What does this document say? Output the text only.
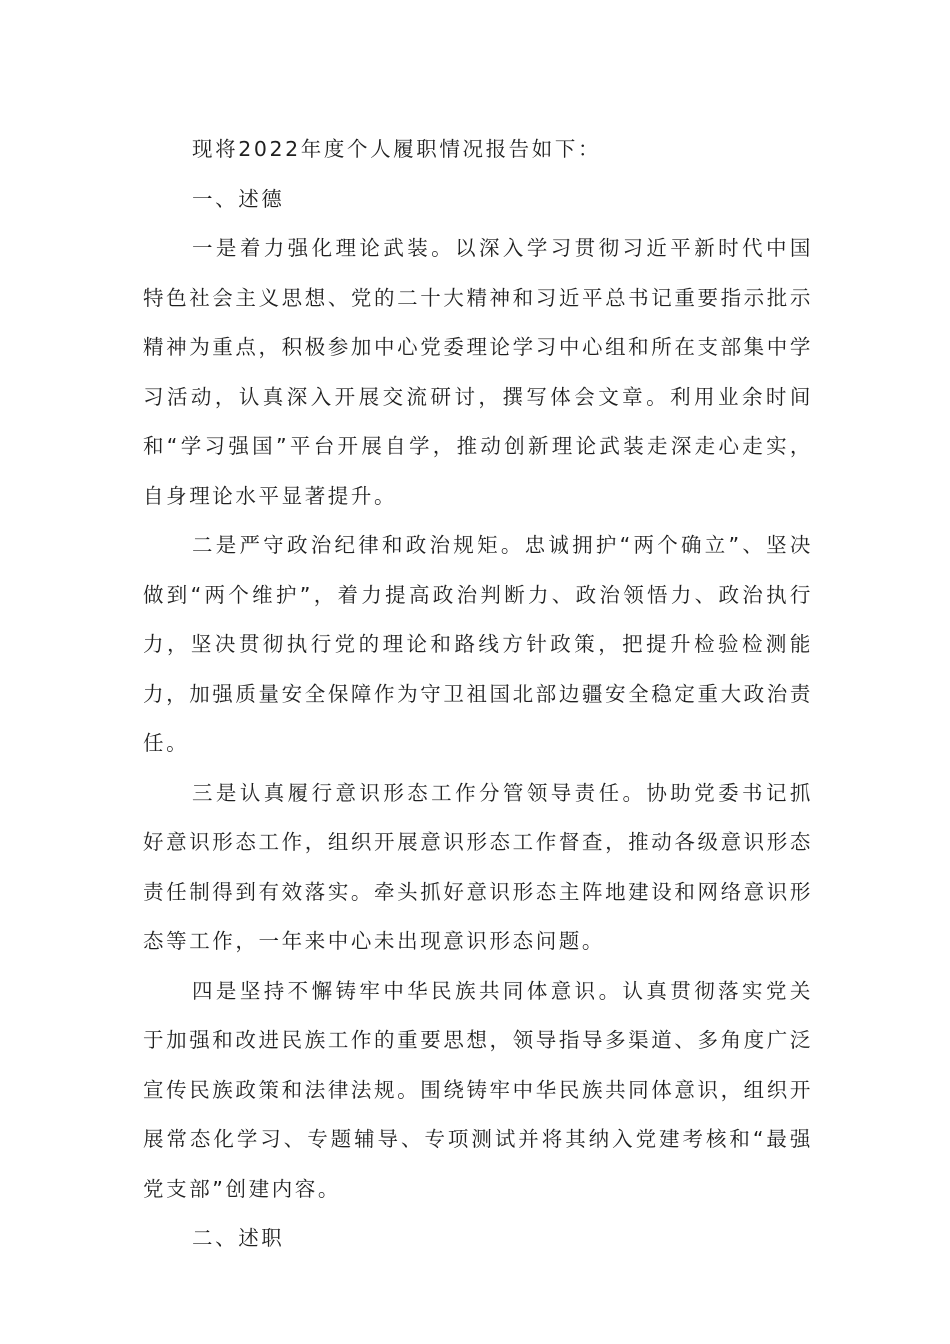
现将2022年度个人履职情况报告如下：

一、述德

一是着力强化理论武装。以深入学习贯彻习近平新时代中国特色社会主义思想、党的二十大精神和习近平总书记重要指示批示精神为重点，积极参加中心党委理论学习中心组和所在支部集中学习活动，认真深入开展交流研讨，撰写体会文章。利用业余时间和“学习强国”平台开展自学，推动创新理论武装走深走心走实，自身理论水平显著提升。

二是严守政治纪律和政治规矩。忠诚拥护“两个确立”、坚决做到“两个维护”，着力提高政治判断力、政治领悟力、政治执行力，坚决贯彻执行党的理论和路线方针政策，把提升检验检测能力，加强质量安全保障作为守卫祖国北部边疆安全稳定重大政治责任。

三是认真履行意识形态工作分管领导责任。协助党委书记抓好意识形态工作，组织开展意识形态工作督查，推动各级意识形态责任制得到有效落实。牵头抓好意识形态主阵地建设和网络意识形态等工作，一年来中心未出现意识形态问题。

四是坚持不懈铸牢中华民族共同体意识。认真贯彻落实党关于加强和改进民族工作的重要思想，领导指导多渠道、多角度广泛宣传民族政策和法律法规。围绕铸牢中华民族共同体意识，组织开展常态化学习、专题辅导、专项测试并将其纳入党建考核和“最强党支部”创建内容。

二、述职
